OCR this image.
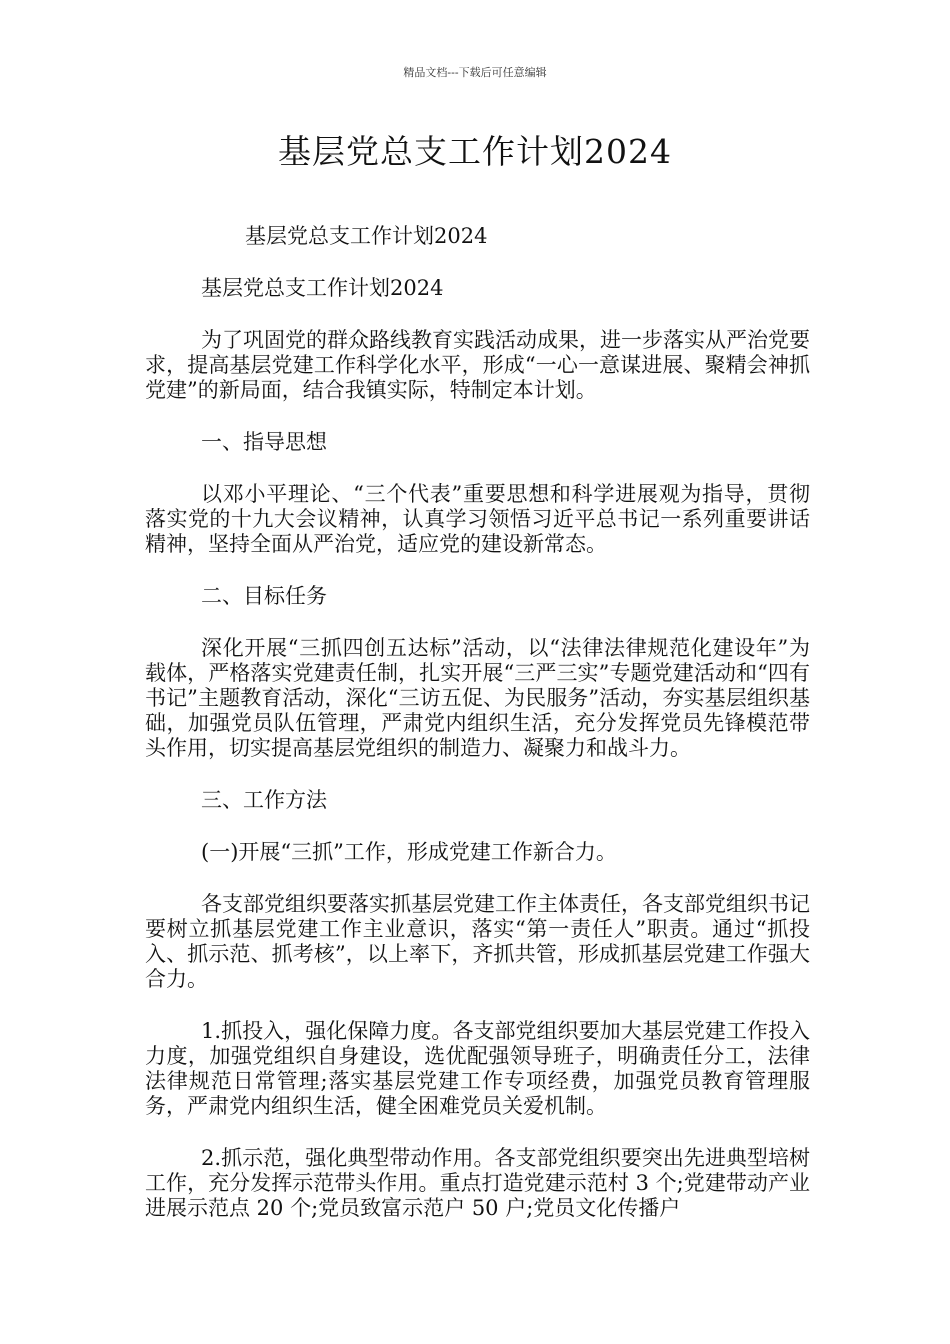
精品文档---下载后可任意编辑
基层党总支工作计划2024

基层党总支工作计划2024

基层党总支工作计划2024

为了巩固党的群众路线教育实践活动成果，进一步落实从严治党要求，提高基层党建工作科学化水平，形成“一心一意谋进展、聚精会神抓党建”的新局面，结合我镇实际，特制定本计划。

一、指导思想

以邓小平理论、“三个代表”重要思想和科学进展观为指导，贯彻落实党的十九大会议精神，认真学习领悟习近平总书记一系列重要讲话精神，坚持全面从严治党，适应党的建设新常态。

二、目标任务

深化开展“三抓四创五达标”活动，以“法律法律规范化建设年”为载体，严格落实党建责任制，扎实开展“三严三实”专题党建活动和“四有书记”主题教育活动，深化“三访五促、为民服务”活动，夯实基层组织基础，加强党员队伍管理，严肃党内组织生活，充分发挥党员先锋模范带头作用，切实提高基层党组织的制造力、凝聚力和战斗力。

三、工作方法

(一)开展“三抓”工作，形成党建工作新合力。

各支部党组织要落实抓基层党建工作主体责任，各支部党组织书记要树立抓基层党建工作主业意识，落实“第一责任人”职责。通过“抓投入、抓示范、抓考核”，以上率下，齐抓共管，形成抓基层党建工作强大合力。

1.抓投入，强化保障力度。各支部党组织要加大基层党建工作投入力度，加强党组织自身建设，选优配强领导班子，明确责任分工，法律法律规范日常管理;落实基层党建工作专项经费，加强党员教育管理服务，严肃党内组织生活，健全困难党员关爱机制。

2.抓示范，强化典型带动作用。各支部党组织要突出先进典型培树工作，充分发挥示范带头作用。重点打造党建示范村 3 个;党建带动产业进展示范点 20 个;党员致富示范户 50 户;党员文化传播户
